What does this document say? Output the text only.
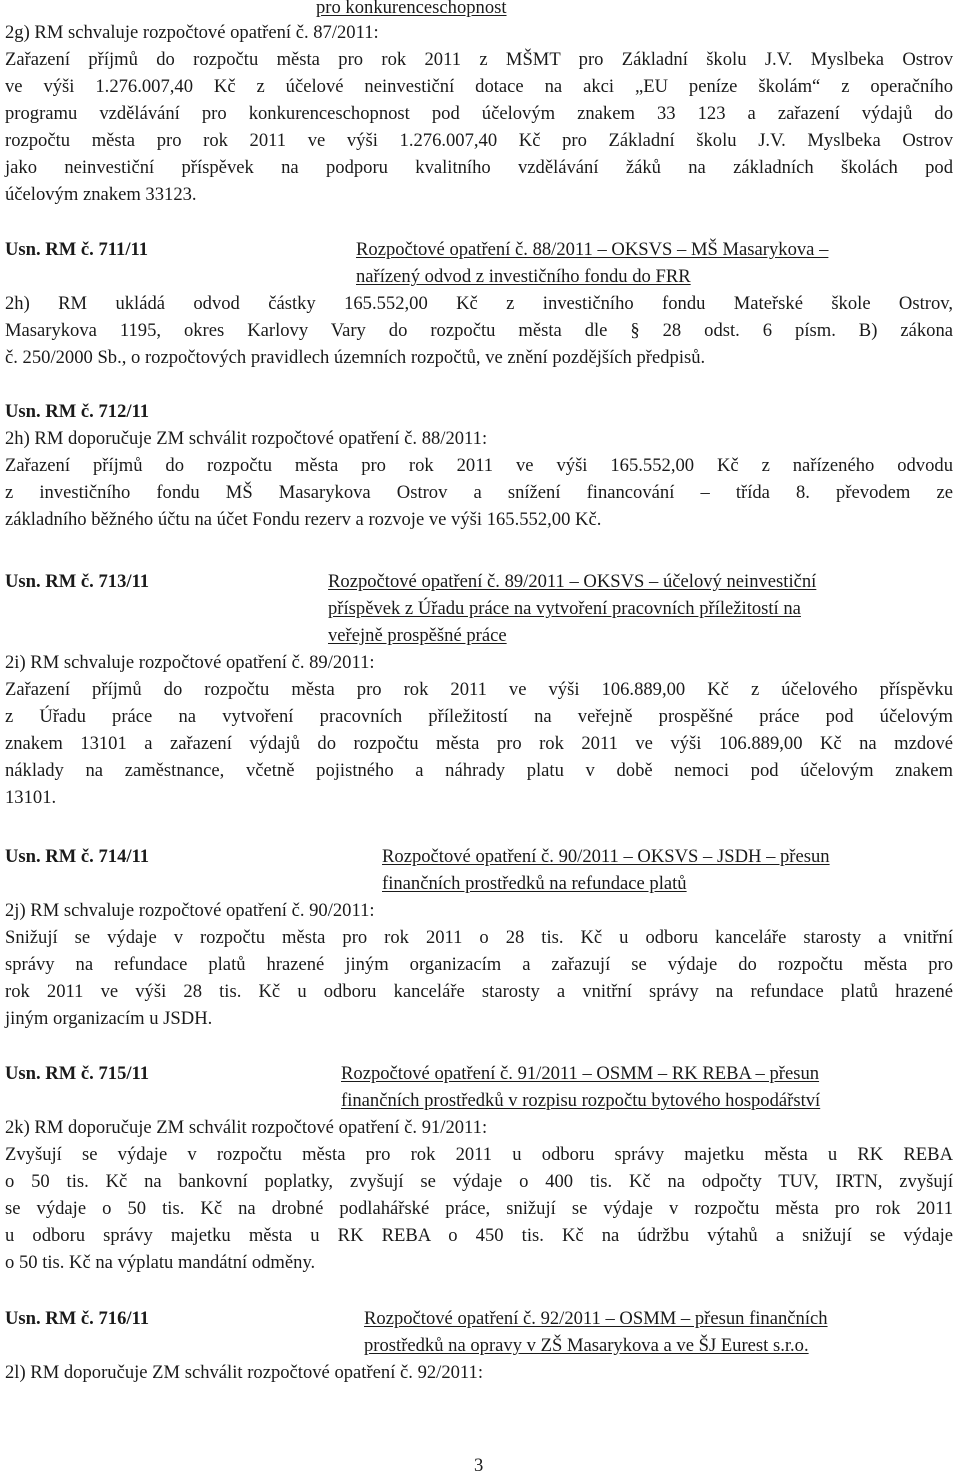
pro konkurenceschopnost
2g) RM schvaluje rozpočtové opatření č. 87/2011:
Zařazení příjmů do rozpočtu města pro rok 2011 z MŠMT pro Základní školu J.V. Myslbeka Ostrov
ve výši 1.276.007,40 Kč z účelové neinvestiční dotace na akci „EU peníze školám“ z operačního
programu vzdělávání pro konkurenceschopnost pod účelovým znakem 33 123 a zařazení výdajů do
rozpočtu města pro rok 2011 ve výši 1.276.007,40 Kč pro Základní školu J.V. Myslbeka Ostrov
jako neinvestiční příspěvek na podporu kvalitního vzdělávání žáků na základních školách pod
účelovým znakem 33123.
Usn. RM č. 711/11	Rozpočtové opatření č. 88/2011 – OKSVS – MŠ Masarykova –
nařízený odvod z investičního fondu do FRR
2h) RM ukládá odvod částky 165.552,00 Kč z investičního fondu Mateřské škole Ostrov,
Masarykova 1195, okres Karlovy Vary do rozpočtu města dle § 28 odst. 6 písm. B) zákona
č. 250/2000 Sb., o rozpočtových pravidlech územních rozpočtů, ve znění pozdějších předpisů.
Usn. RM č. 712/11
2h) RM doporučuje ZM schválit rozpočtové opatření č. 88/2011:
Zařazení příjmů do rozpočtu města pro rok 2011 ve výši 165.552,00 Kč z nařízeného odvodu
z investičního fondu MŠ Masarykova Ostrov a snížení financování – třída 8. převodem ze
základního běžného účtu na účet Fondu rezerv a rozvoje ve výši 165.552,00 Kč.
Usn. RM č. 713/11	Rozpočtové opatření č. 89/2011 – OKSVS – účelový neinvestiční
příspěvek z Úřadu práce na vytvoření pracovních příležitostí na
veřejně prospěšné práce
2i) RM schvaluje rozpočtové opatření č. 89/2011:
Zařazení příjmů do rozpočtu města pro rok 2011 ve výši 106.889,00 Kč z účelového příspěvku
z Úřadu práce na vytvoření pracovních příležitostí na veřejně prospěšné práce pod účelovým
znakem 13101 a zařazení výdajů do rozpočtu města pro rok 2011 ve výši 106.889,00 Kč na mzdové
náklady na zaměstnance, včetně pojistného a náhrady platu v době nemoci pod účelovým znakem
13101.
Usn. RM č. 714/11	Rozpočtové opatření č. 90/2011 – OKSVS – JSDH – přesun
finančních prostředků na refundace platů
2j) RM schvaluje rozpočtové opatření č. 90/2011:
Snižují se výdaje v rozpočtu města pro rok 2011 o 28 tis. Kč u odboru kanceláře starosty a vnitřní
správy na refundace platů hrazené jiným organizacím a zařazují se výdaje do rozpočtu města pro
rok 2011 ve výši 28 tis. Kč u odboru kanceláře starosty a vnitřní správy na refundace platů hrazené
jiným organizacím u JSDH.
Usn. RM č. 715/11	Rozpočtové opatření č. 91/2011 – OSMM – RK REBA – přesun
finančních prostředků v rozpisu rozpočtu bytového hospodářství
2k) RM doporučuje ZM schválit rozpočtové opatření č. 91/2011:
Zvyšují se výdaje v rozpočtu města pro rok 2011 u odboru správy majetku města u RK REBA
o 50 tis. Kč na bankovní poplatky, zvyšují se výdaje o 400 tis. Kč na odpočty TUV, IRTN, zvyšují
se výdaje o 50 tis. Kč na drobné podlahářské práce, snižují se výdaje v rozpočtu města pro rok 2011
u odboru správy majetku města u RK REBA o 450 tis. Kč na údržbu výtahů a snižují se výdaje
o 50 tis. Kč na výplatu mandátní odměny.
Usn. RM č. 716/11	Rozpočtové opatření č. 92/2011 – OSMM – přesun finančních
prostředků na opravy v ZŠ Masarykova a ve ŠJ Eurest s.r.o.
2l) RM doporučuje ZM schválit rozpočtové opatření č. 92/2011:
3
